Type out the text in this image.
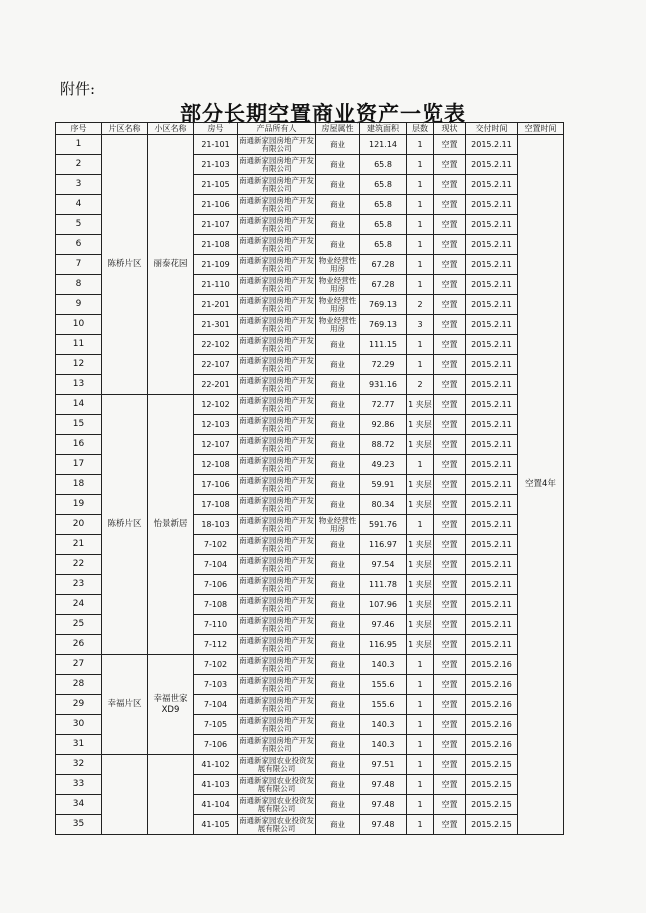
附件:
部分长期空置商业资产一览表
序号	片区名称	小区名称	房号	产品所有人	房屋属性	建筑面积	层数	现状	交付时间	空置时间
1	陈桥片区	丽泰花园	21-101	南通新家园房地产开发有限公司	商业	121.14	1	空置	2015.2.11	空置4年
2			21-103	南通新家园房地产开发有限公司	商业	65.8	1	空置	2015.2.11	
3			21-105	南通新家园房地产开发有限公司	商业	65.8	1	空置	2015.2.11	
4			21-106	南通新家园房地产开发有限公司	商业	65.8	1	空置	2015.2.11	
5			21-107	南通新家园房地产开发有限公司	商业	65.8	1	空置	2015.2.11	
6			21-108	南通新家园房地产开发有限公司	商业	65.8	1	空置	2015.2.11	
7			21-109	南通新家园房地产开发有限公司	物业经营性用房	67.28	1	空置	2015.2.11	
8			21-110	南通新家园房地产开发有限公司	物业经营性用房	67.28	1	空置	2015.2.11	
9			21-201	南通新家园房地产开发有限公司	物业经营性用房	769.13	2	空置	2015.2.11	
10			21-301	南通新家园房地产开发有限公司	物业经营性用房	769.13	3	空置	2015.2.11	
11			22-102	南通新家园房地产开发有限公司	商业	111.15	1	空置	2015.2.11	
12			22-107	南通新家园房地产开发有限公司	商业	72.29	1	空置	2015.2.11	
13			22-201	南通新家园房地产开发有限公司	商业	931.16	2	空置	2015.2.11	
14	陈桥片区	怡景新居	12-102	南通新家园房地产开发有限公司	商业	72.77	1 夹层	空置	2015.2.11	
15			12-103	南通新家园房地产开发有限公司	商业	92.86	1 夹层	空置	2015.2.11	
16			12-107	南通新家园房地产开发有限公司	商业	88.72	1 夹层	空置	2015.2.11	
17			12-108	南通新家园房地产开发有限公司	商业	49.23	1	空置	2015.2.11	
18			17-106	南通新家园房地产开发有限公司	商业	59.91	1 夹层	空置	2015.2.11	
19			17-108	南通新家园房地产开发有限公司	商业	80.34	1 夹层	空置	2015.2.11	
20			18-103	南通新家园房地产开发有限公司	物业经营性用房	591.76	1	空置	2015.2.11	
21			7-102	南通新家园房地产开发有限公司	商业	116.97	1 夹层	空置	2015.2.11	
22			7-104	南通新家园房地产开发有限公司	商业	97.54	1 夹层	空置	2015.2.11	
23			7-106	南通新家园房地产开发有限公司	商业	111.78	1 夹层	空置	2015.2.11	
24			7-108	南通新家园房地产开发有限公司	商业	107.96	1 夹层	空置	2015.2.11	
25			7-110	南通新家园房地产开发有限公司	商业	97.46	1 夹层	空置	2015.2.11	
26			7-112	南通新家园房地产开发有限公司	商业	116.95	1 夹层	空置	2015.2.11	
27	幸福片区	幸福世家XD9	7-102	南通新家园房地产开发有限公司	商业	140.3	1	空置	2015.2.16	
28			7-103	南通新家园房地产开发有限公司	商业	155.6	1	空置	2015.2.16	
29			7-104	南通新家园房地产开发有限公司	商业	155.6	1	空置	2015.2.16	
30			7-105	南通新家园房地产开发有限公司	商业	140.3	1	空置	2015.2.16	
31			7-106	南通新家园房地产开发有限公司	商业	140.3	1	空置	2015.2.16	
32			41-102	南通新家园农业投资发展有限公司	商业	97.51	1	空置	2015.2.15	
33			41-103	南通新家园农业投资发展有限公司	商业	97.48	1	空置	2015.2.15	
34			41-104	南通新家园农业投资发展有限公司	商业	97.48	1	空置	2015.2.15	
35			41-105	南通新家园农业投资发展有限公司	商业	97.48	1	空置	2015.2.15	
